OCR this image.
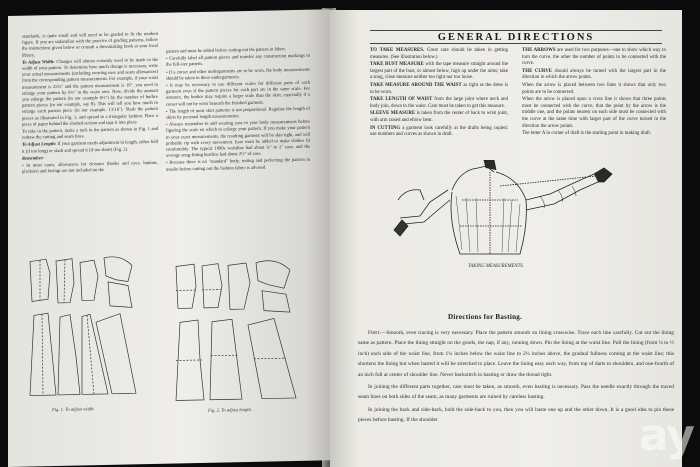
standards, is quite small and will need to be graded to fit the modern figure. If you are unfamiliar with the practice of grading patterns, follow the instructions given below or consult a dressmaking book at your local library.

To Adjust Width: Changes will almost certainly need to be made in the width of your pattern. To determine how much change is necessary, write your actual measurements (including wearing ease and seam allowances) from the corresponding pattern measurements. For example, if your waist measurement is 25½" and the pattern measurement is 19", you need to enlarge your pattern by 6½" in the waist area. Now, divide the amount you enlarge the pattern (in our example 6½") by the number of bodice pattern pieces (in our example, say 8). This will tell you how much to enlarge each pattern piece (in our example, 13/16"). Slash the pattern pieces as illustrated in Fig. 1, and spread to a triangular fashion. Place a piece of paper behind the slashed section and tape it into place.

To take in the pattern, make a tuck in the pattern as shown in Fig. 1 and redraw the cutting and seam lines.

To Adjust Length: If your garment needs adjustment in length, either fold it (if too long) or slash and spread it (if too short) (Fig. 2).

Remember:

• In most cases, allowances for closures (hooks and eyes, buttons, plackets) and facings are not included on the

pattern and must be added before cutting out the pattern in fabric.

• Carefully label all pattern pieces and transfer any construction markings to the full-size pattern.

• If a corset and other undergarments are to be worn, the body measurements should be taken in these undergarments.

• It may be necessary to use different scales for different parts of each garment even if the pattern pieces for each part are in the same scale. For instance, the bodice may require a larger scale than the skirt, especially if a corset will not be worn beneath the finished garment.

• The length of most skirt patterns is not proportional. Regulate the length of skirts by personal length measurements.

• Always remember to add wearing ease to your body measurements before figuring the scale on which to enlarge your pattern. If you make your pattern to your exact measurements, the resulting garment will be skin tight, and will probably rip with every movement. Ease must be added to make clothes fit comfortably. The typical 1890s waistline had about ¾" to 1" ease, and the average snug-fitting bustline had about 2½" of ease.

• Because there is no "standard" body, testing and perfecting the pattern in muslin before cutting out the fashion fabric is advised.

Fig. 1. To adjust width.	Fig. 2. To adjust length.
GENERAL DIRECTIONS

TO TAKE MEASURES. Great care should be taken in getting measures. (See illustration below.)

TAKE BUST MEASURE with the tape measure straight around the largest part of the bust, or almost below, high up under the arms; take a snug, close measure neither too tight nor too loose.

TAKE MEASURE AROUND THE WAIST as tight as the dress is to be worn.

TAKE LENGTH OF WAIST from the large joint where neck and body join, down to the waist. Care must be taken to get this measure.

SLEEVE MEASURE is taken from the center of back to wrist joint, with arm raised and elbow bent.

IN CUTTING a garment look carefully at the drafts being copied; use numbers and curves as shown in draft.

THE ARROWS are used for two purposes—one to show which way to turn the curve, the other the number of points to be connected with the curve.

THE CURVE should always be turned with the largest part in the direction in which the arrow points.

When the arrow is placed between two lines it shows that only two points are to be connected.

When the arrow is placed upon a cross line it shows that three points must be connected with the curve, that the point by the arrow is the middle one, and the points nearest on each side must be connected with the curve at the same time with larger part of the curve turned in the direction the arrow points.

The letter A in corner of draft is the starting point in making draft.

TAKING MEASUREMENTS.
Directions for Basting.

First.—Smooth, even tracing is very necessary. Place the pattern smooth on lining crosswise. Trace each line carefully. Cut out the lining same as pattern. Place the lining straight on the goods, the nap, if any, running down. Pin the lining at the waist line. Pull the lining (from ¼ to ½ inch) each side of the waist line, from 1¼ inches below the waist line to 2¼ inches above, the gradual fullness coming at the waist line; this shortens the lining but when basted it will be stretched to place. Leave the lining easy each way, from top of darts to shoulders, and one-fourth of an inch full at center of shoulder line. Never backstitch in basting or draw the thread tight.

In joining the different parts together, care must be taken, as smooth, even basting is necessary. Pass the needle exactly through the traced seam lines on both sides of the seam, as many garments are ruined by careless basting.

In joining the back and side-back, hold the side-back to you, then you will baste one up and the other down. It is a good idea to pin these pieces before basting. If the shoulder	ay
